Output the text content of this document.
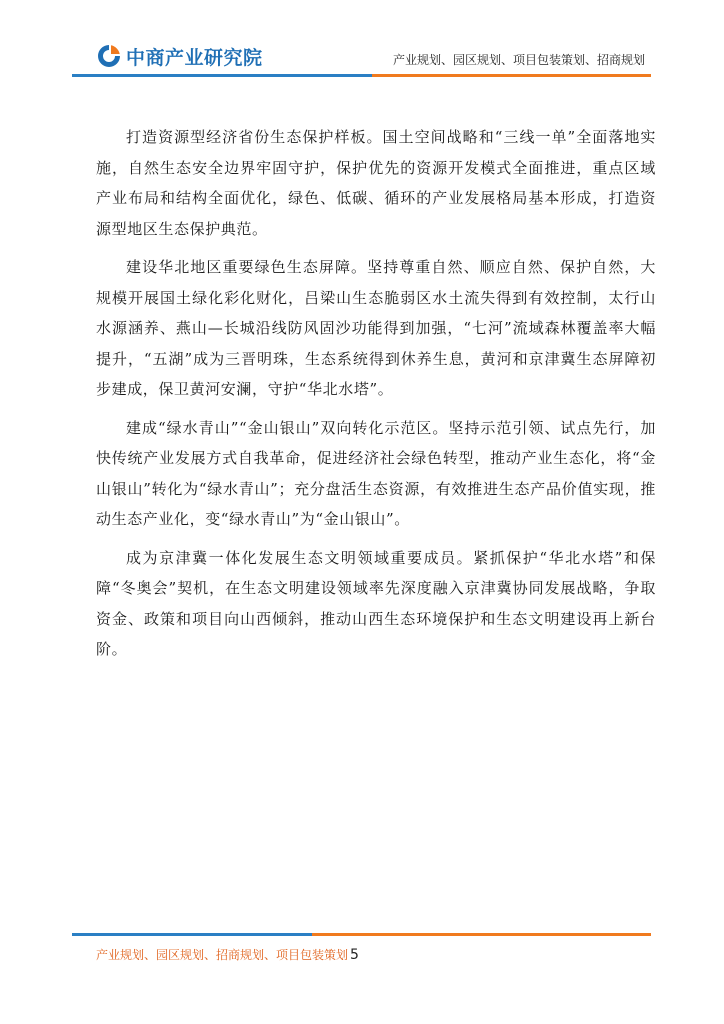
中商产业研究院	产业规划、园区规划、项目包装策划、招商规划

打造资源型经济省份生态保护样板。国土空间战略和“三线一单”全面落地实施，自然生态安全边界牢固守护，保护优先的资源开发模式全面推进，重点区域产业布局和结构全面优化，绿色、低碳、循环的产业发展格局基本形成，打造资源型地区生态保护典范。

建设华北地区重要绿色生态屏障。坚持尊重自然、顺应自然、保护自然，大规模开展国土绿化彩化财化，吕梁山生态脆弱区水土流失得到有效控制，太行山水源涵养、燕山—长城沿线防风固沙功能得到加强，“七河”流域森林覆盖率大幅提升，“五湖”成为三晋明珠，生态系统得到休养生息，黄河和京津冀生态屏障初步建成，保卫黄河安澜，守护“华北水塔”。

建成“绿水青山”“金山银山”双向转化示范区。坚持示范引领、试点先行，加快传统产业发展方式自我革命，促进经济社会绿色转型，推动产业生态化，将“金山银山”转化为“绿水青山”；充分盘活生态资源，有效推进生态产品价值实现，推动生态产业化，变“绿水青山”为“金山银山”。

成为京津冀一体化发展生态文明领域重要成员。紧抓保护“华北水塔”和保障“冬奥会”契机，在生态文明建设领域率先深度融入京津冀协同发展战略，争取资金、政策和项目向山西倾斜，推动山西生态环境保护和生态文明建设再上新台阶。

产业规划、园区规划、招商规划、项目包装策划 5
